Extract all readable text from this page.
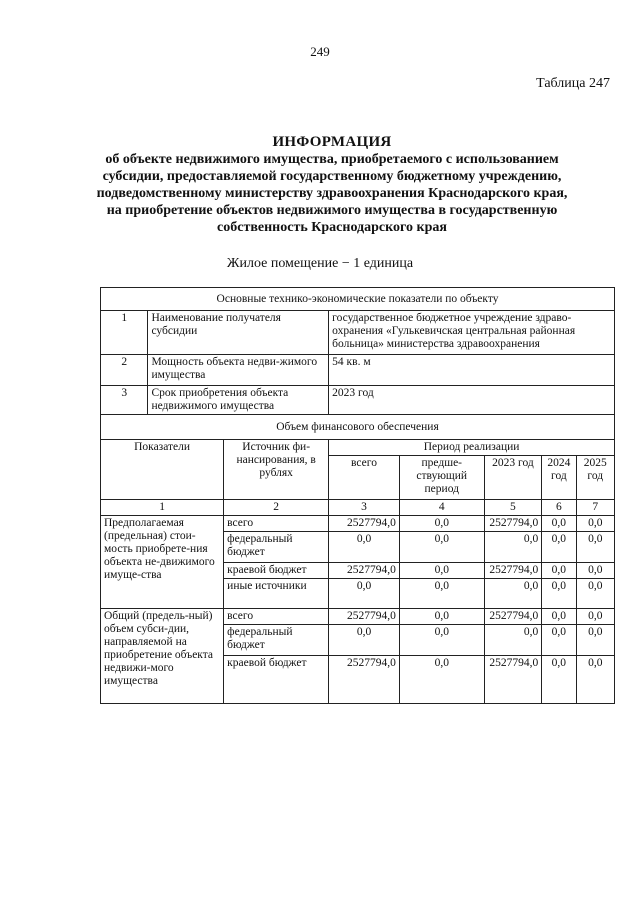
249
Таблица 247
ИНФОРМАЦИЯ
об объекте недвижимого имущества, приобретаемого с использованием
субсидии, предоставляемой государственному бюджетному учреждению,
подведомственному министерству здравоохранения Краснодарского края,
на приобретение объектов недвижимого имущества в государственную
собственность Краснодарского края
Жилое помещение − 1 единица
Основные технико-экономические показатели по объекту							
1	Наименование получателя субсидии		государственное бюджетное учреждение здраво-охранения «Гулькевичская центральная районная больница» министерства здравоохранения				
2	Мощность объекта недви-жимого имущества		54 кв. м				
3	Срок приобретения объекта недвижимого имущества		2023 год				
Объем финансового обеспечения							
Показатели		Источник фи-нансирования, в рублях	Период реализации				
			всего	предше-ствующий период	2023 год	2024 год	2025 год
1		2	3	4	5	6	7
Предполагаемая (предельная) стои-мость приобрете-ния объекта не-движимого имуще-ства		всего	2527794,0	0,0	2527794,0	0,0	0,0
		федеральный бюджет	0,0	0,0	0,0	0,0	0,0
		краевой бюджет	2527794,0	0,0	2527794,0	0,0	0,0
		иные источники	0,0	0,0	0,0	0,0	0,0
Общий (предель-ный) объем субси-дии, направляемой на приобретение объекта недвижи-мого имущества		всего	2527794,0	0,0	2527794,0	0,0	0,0
		федеральный бюджет	0,0	0,0	0,0	0,0	0,0
		краевой бюджет	2527794,0	0,0	2527794,0	0,0	0,0
